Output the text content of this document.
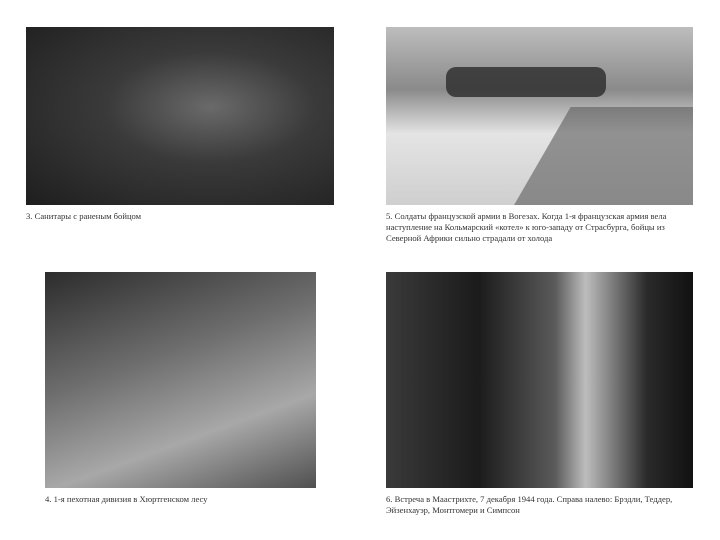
3. Санитары с раненым бойцом	5. Солдаты французской армии в Вогезах. Когда 1-я французская армия вела наступление на Кольмарский «котел» к юго-западу от Страсбурга, бойцы из Северной Африки сильно страдали от холода
4. 1-я пехотная дивизия в Хюртгенском лесу	6. Встреча в Маастрихте, 7 декабря 1944 года. Справа налево: Брэдли, Теддер, Эйзенхауэр, Монтгомери и Симпсон
